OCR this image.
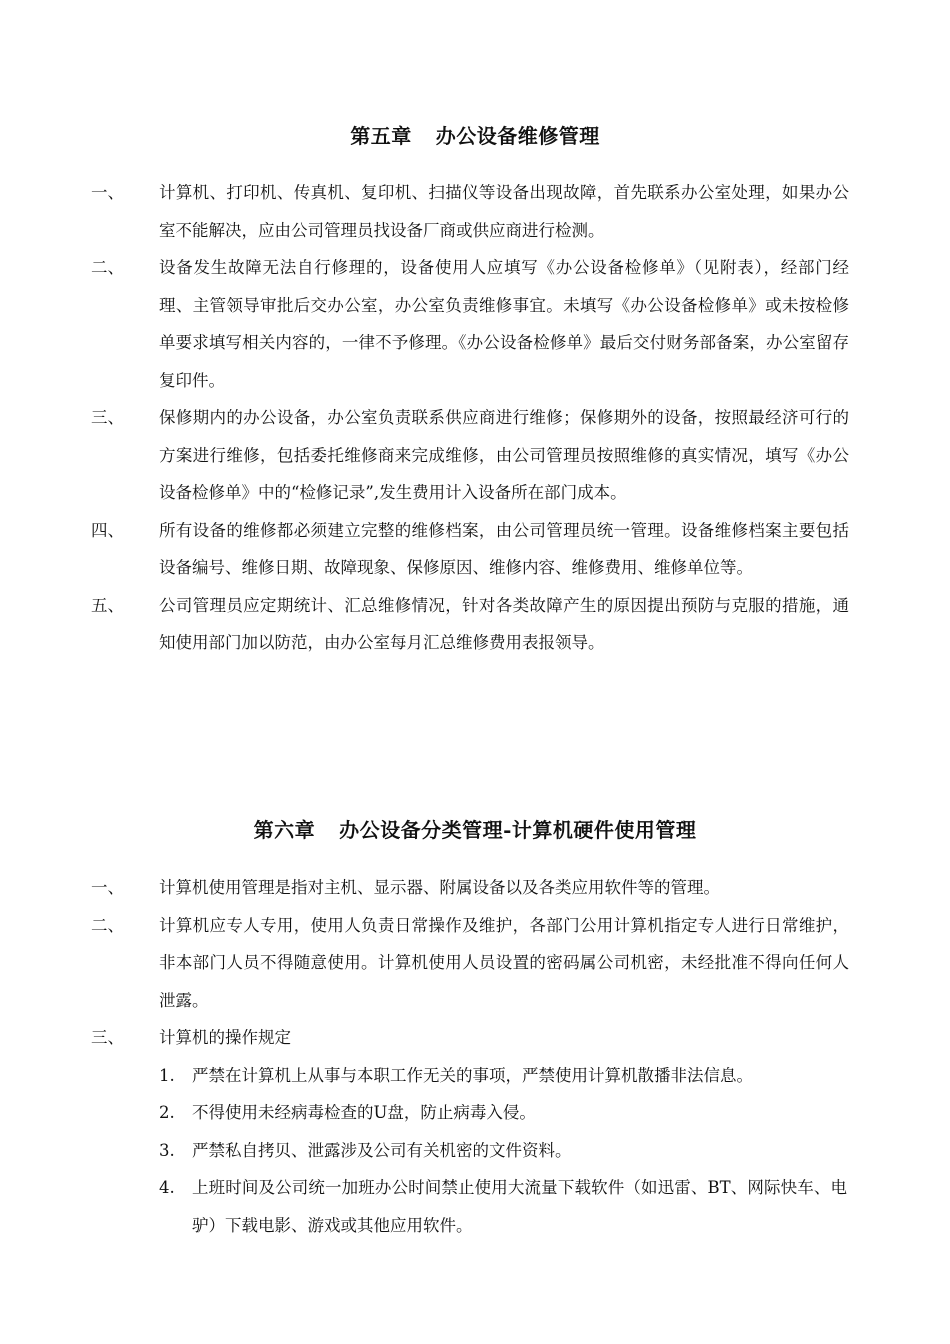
第五章 办公设备维修管理
一、 计算机、打印机、传真机、复印机、扫描仪等设备出现故障，首先联系办公室处理，如果办公室不能解决，应由公司管理员找设备厂商或供应商进行检测。
二、 设备发生故障无法自行修理的，设备使用人应填写《办公设备检修单》（见附表），经部门经理、主管领导审批后交办公室，办公室负责维修事宜。未填写《办公设备检修单》或未按检修单要求填写相关内容的，一律不予修理。《办公设备检修单》最后交付财务部备案，办公室留存复印件。
三、 保修期内的办公设备，办公室负责联系供应商进行维修；保修期外的设备，按照最经济可行的方案进行维修，包括委托维修商来完成维修，由公司管理员按照维修的真实情况，填写《办公设备检修单》中的“检修记录”,发生费用计入设备所在部门成本。
四、 所有设备的维修都必须建立完整的维修档案，由公司管理员统一管理。设备维修档案主要包括设备编号、维修日期、故障现象、保修原因、维修内容、维修费用、维修单位等。
五、 公司管理员应定期统计、汇总维修情况，针对各类故障产生的原因提出预防与克服的措施，通知使用部门加以防范，由办公室每月汇总维修费用表报领导。
第六章 办公设备分类管理-计算机硬件使用管理
一、 计算机使用管理是指对主机、显示器、附属设备以及各类应用软件等的管理。
二、 计算机应专人专用，使用人负责日常操作及维护，各部门公用计算机指定专人进行日常维护，非本部门人员不得随意使用。计算机使用人员设置的密码属公司机密，未经批准不得向任何人泄露。
三、 计算机的操作规定
1. 严禁在计算机上从事与本职工作无关的事项，严禁使用计算机散播非法信息。
2. 不得使用未经病毒检查的U盘，防止病毒入侵。
3. 严禁私自拷贝、泄露涉及公司有关机密的文件资料。
4. 上班时间及公司统一加班办公时间禁止使用大流量下载软件（如迅雷、BT、网际快车、电驴）下载电影、游戏或其他应用软件。
